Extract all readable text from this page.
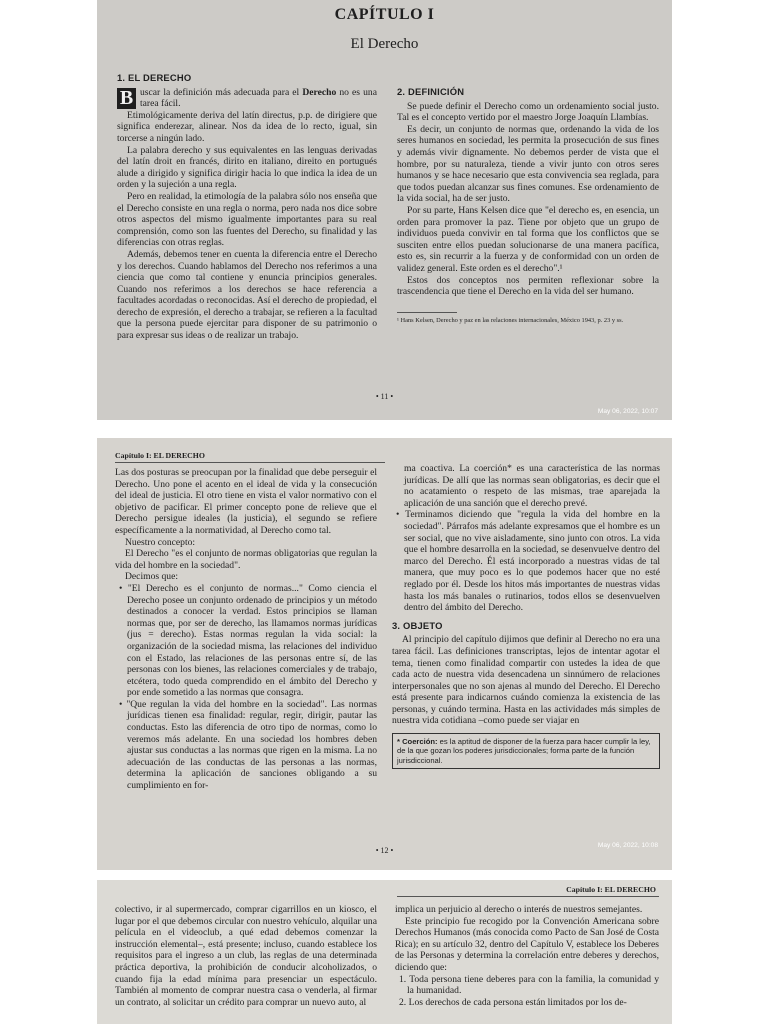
CAPÍTULO I
El Derecho
1. EL DERECHO

B uscar la definición más adecuada para el Derecho no es una tarea fácil.

Etimológicamente deriva del latín directus, p.p. de dirigiere que significa enderezar, alinear. Nos da idea de lo recto, igual, sin torcerse a ningún lado.

La palabra derecho y sus equivalentes en las lenguas derivadas del latín droit en francés, dirito en italiano, direito en portugués alude a dirigido y significa dirigir hacia lo que indica la idea de un orden y la sujeción a una regla.

Pero en realidad, la etimología de la palabra sólo nos enseña que el Derecho consiste en una regla o norma, pero nada nos dice sobre otros aspectos del mismo igualmente importantes para su real comprensión, como son las fuentes del Derecho, su finalidad y las diferencias con otras reglas.

Además, debemos tener en cuenta la diferencia entre el Derecho y los derechos. Cuando hablamos del Derecho nos referimos a una ciencia que como tal contiene y enuncia principios generales. Cuando nos referimos a los derechos se hace referencia a facultades acordadas o reconocidas. Así el derecho de propiedad, el derecho de expresión, el derecho a trabajar, se refieren a la facultad que la persona puede ejercitar para disponer de su patrimonio o para expresar sus ideas o de realizar un trabajo.

2. DEFINICIÓN

Se puede definir el Derecho como un ordenamiento social justo. Tal es el concepto vertido por el maestro Jorge Joaquín Llambías.

Es decir, un conjunto de normas que, ordenando la vida de los seres humanos en sociedad, les permita la prosecución de sus fines y además vivir dignamente. No debemos perder de vista que el hombre, por su naturaleza, tiende a vivir junto con otros seres humanos y se hace necesario que esta convivencia sea reglada, para que todos puedan alcanzar sus fines comunes. Ese ordenamiento de la vida social, ha de ser justo.

Por su parte, Hans Kelsen dice que "el derecho es, en esencia, un orden para promover la paz. Tiene por objeto que un grupo de individuos pueda convivir en tal forma que los conflictos que se susciten entre ellos puedan solucionarse de una manera pacífica, esto es, sin recurrir a la fuerza y de conformidad con un orden de validez general. Este orden es el derecho".¹

Estos dos conceptos nos permiten reflexionar sobre la trascendencia que tiene el Derecho en la vida del ser humano.

¹ Hans Kelsen, Derecho y paz en las relaciones internacionales, México 1943, p. 23 y ss.
• 11 •
May 06, 2022, 10:07
Capítulo I: EL DERECHO

Las dos posturas se preocupan por la finalidad que debe perseguir el Derecho. Uno pone el acento en el ideal de vida y la consecución del ideal de justicia. El otro tiene en vista el valor normativo con el objetivo de pacificar. El primer concepto pone de relieve que el Derecho persigue ideales (la justicia), el segundo se refiere específicamente a la normatividad, al Derecho como tal.

Nuestro concepto:

El Derecho "es el conjunto de normas obligatorias que regulan la vida del hombre en la sociedad".

Decimos que:

• "El Derecho es el conjunto de normas..." Como ciencia el Derecho posee un conjunto ordenado de principios y un método destinados a conocer la verdad. Estos principios se llaman normas que, por ser de derecho, las llamamos normas jurídicas (jus = derecho). Estas normas regulan la vida social: la organización de la sociedad misma, las relaciones del individuo con el Estado, las relaciones de las personas entre sí, de las personas con los bienes, las relaciones comerciales y de trabajo, etcétera, todo queda comprendido en el ámbito del Derecho y por ende sometido a las normas que consagra.

• "Que regulan la vida del hombre en la sociedad". Las normas jurídicas tienen esa finalidad: regular, regir, dirigir, pautar las conductas. Esto las diferencia de otro tipo de normas, como lo veremos más adelante. En una sociedad los hombres deben ajustar sus conductas a las normas que rigen en la misma. La no adecuación de las conductas de las personas a las normas, determina la aplicación de sanciones obligando a su cumplimiento en for-

ma coactiva. La coerción* es una característica de las normas jurídicas. De allí que las normas sean obligatorias, es decir que el no acatamiento o respeto de las mismas, trae aparejada la aplicación de una sanción que el derecho prevé.

• Terminamos diciendo que "regula la vida del hombre en la sociedad". Párrafos más adelante expresamos que el hombre es un ser social, que no vive aisladamente, sino junto con otros. La vida que el hombre desarrolla en la sociedad, se desenvuelve dentro del marco del Derecho. Él está incorporado a nuestras vidas de tal manera, que muy poco es lo que podemos hacer que no esté reglado por él. Desde los hitos más importantes de nuestras vidas hasta los más banales o rutinarios, todos ellos se desenvuelven dentro del ámbito del Derecho.

3. OBJETO

Al principio del capítulo dijimos que definir al Derecho no era una tarea fácil. Las definiciones transcriptas, lejos de intentar agotar el tema, tienen como finalidad compartir con ustedes la idea de que cada acto de nuestra vida desencadena un sinnúmero de relaciones interpersonales que no son ajenas al mundo del Derecho. El Derecho está presente para indicarnos cuándo comienza la existencia de las personas, y cuándo termina. Hasta en las actividades más simples de nuestra vida cotidiana –como puede ser viajar en

* Coerción: es la aptitud de disponer de la fuerza para hacer cumplir la ley, de la que gozan los poderes jurisdiccionales; forma parte de la función jurisdiccional.
• 12 •
May 06, 2022, 10:08
Capítulo I: EL DERECHO

colectivo, ir al supermercado, comprar cigarrillos en un kiosco, el lugar por el que debemos circular con nuestro vehículo, alquilar una película en el videoclub, a qué edad debemos comenzar la instrucción elemental–, está presente; incluso, cuando establece los requisitos para el ingreso a un club, las reglas de una determinada práctica deportiva, la prohibición de conducir alcoholizados, o cuando fija la edad mínima para presenciar un espectáculo. También al momento de comprar nuestra casa o venderla, al firmar un contrato, al solicitar un crédito para comprar un nuevo auto, al

implica un perjuicio al derecho o interés de nuestros semejantes.

Este principio fue recogido por la Convención Americana sobre Derechos Humanos (más conocida como Pacto de San José de Costa Rica); en su artículo 32, dentro del Capítulo V, establece los Deberes de las Personas y determina la correlación entre deberes y derechos, diciendo que:

1. Toda persona tiene deberes para con la familia, la comunidad y la humanidad.

2. Los derechos de cada persona están limitados por los de-
